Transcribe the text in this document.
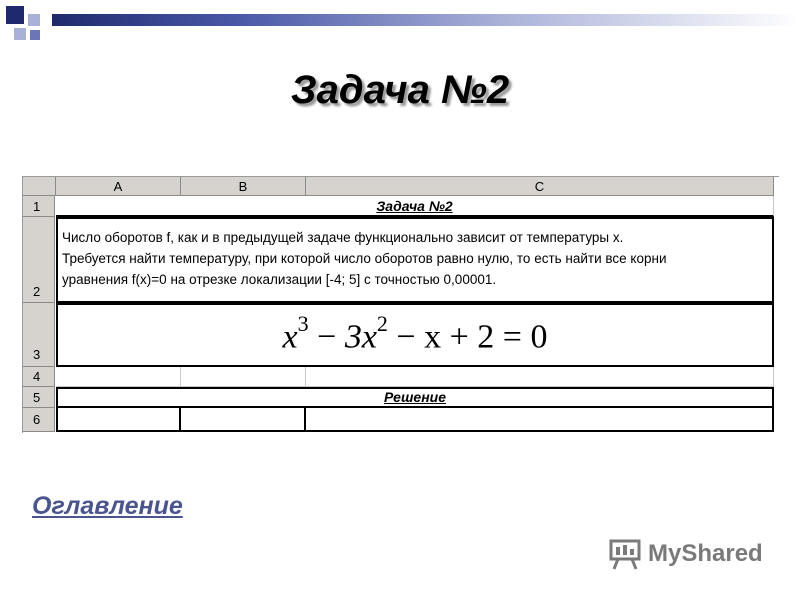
Задача №2
A	B	C
1
2
3
4
5
6
Задача №2
Число оборотов f, как и в предыдущей задаче функционально зависит от температуры x.
Требуется найти температуру, при которой число оборотов равно нулю, то есть найти все корни
уравнения f(x)=0 на отрезке локализации [-4; 5] с точностью 0,00001.
$x^3 - 3x^2 - x + 2 = 0$
Решение
Оглавление
MyShared
